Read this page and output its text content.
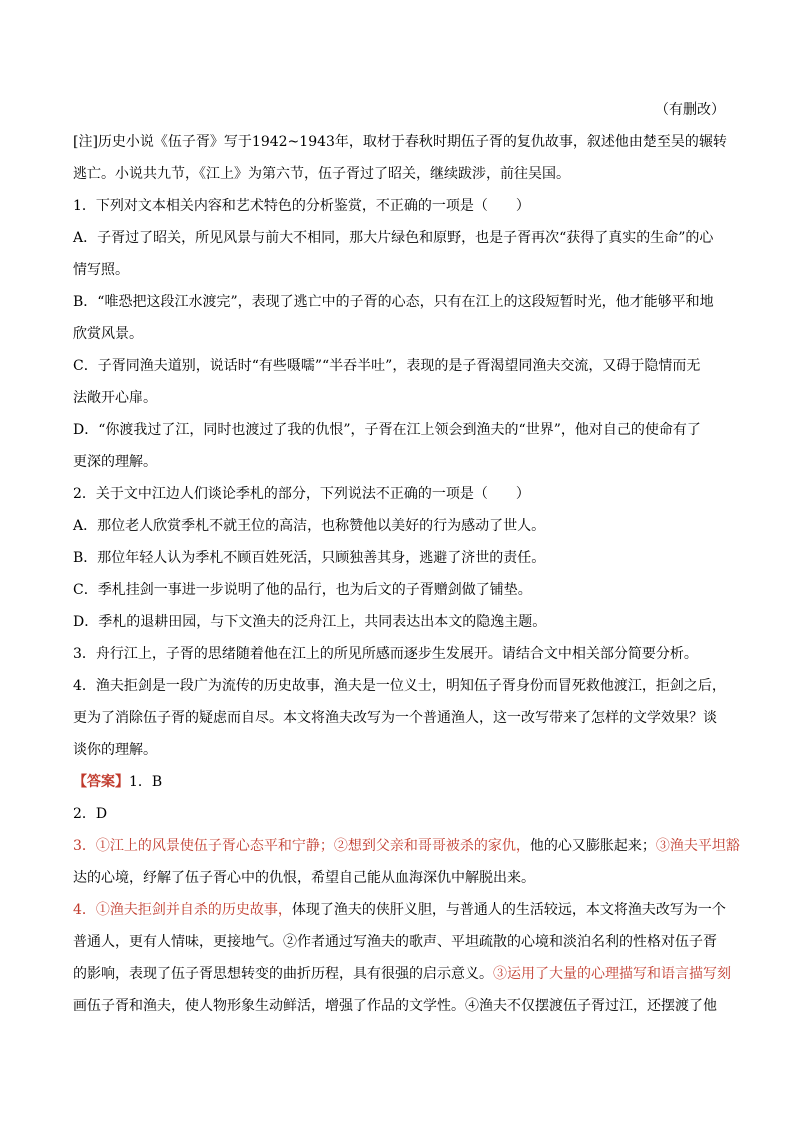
（有删改）
[注]历史小说《伍子胥》写于1942~1943年，取材于春秋时期伍子胥的复仇故事，叙述他由楚至吴的辗转
逃亡。小说共九节，《江上》为第六节，伍子胥过了昭关，继续跋涉，前往吴国。
1．下列对文本相关内容和艺术特色的分析鉴赏，不正确的一项是（　　）
A．子胥过了昭关，所见风景与前大不相同，那大片绿色和原野，也是子胥再次“获得了真实的生命”的心
情写照。
B．“唯恐把这段江水渡完”，表现了逃亡中的子胥的心态，只有在江上的这段短暂时光，他才能够平和地
欣赏风景。
C．子胥同渔夫道别，说话时“有些嗫嚅”“半吞半吐”，表现的是子胥渴望同渔夫交流，又碍于隐情而无
法敞开心扉。
D．“你渡我过了江，同时也渡过了我的仇恨”，子胥在江上领会到渔夫的“世界”，他对自己的使命有了
更深的理解。
2．关于文中江边人们谈论季札的部分，下列说法不正确的一项是（　　）
A．那位老人欣赏季札不就王位的高洁，也称赞他以美好的行为感动了世人。
B．那位年轻人认为季札不顾百姓死活，只顾独善其身，逃避了济世的责任。
C．季札挂剑一事进一步说明了他的品行，也为后文的子胥赠剑做了铺垫。
D．季札的退耕田园，与下文渔夫的泛舟江上，共同表达出本文的隐逸主题。
3．舟行江上，子胥的思绪随着他在江上的所见所感而逐步生发展开。请结合文中相关部分简要分析。
4．渔夫拒剑是一段广为流传的历史故事，渔夫是一位义士，明知伍子胥身份而冒死救他渡江，拒剑之后，
更为了消除伍子胥的疑虑而自尽。本文将渔夫改写为一个普通渔人，这一改写带来了怎样的文学效果？谈
谈你的理解。
【答案】1．B
2．D
3．①江上的风景使伍子胥心态平和宁静；②想到父亲和哥哥被杀的家仇，他的心又膨胀起来；③渔夫平坦豁
达的心境，纾解了伍子胥心中的仇恨，希望自己能从血海深仇中解脱出来。
4．①渔夫拒剑并自杀的历史故事，体现了渔夫的侠肝义胆，与普通人的生活较远，本文将渔夫改写为一个
普通人，更有人情味，更接地气。②作者通过写渔夫的歌声、平坦疏散的心境和淡泊名利的性格对伍子胥
的影响，表现了伍子胥思想转变的曲折历程，具有很强的启示意义。③运用了大量的心理描写和语言描写刻
画伍子胥和渔夫，使人物形象生动鲜活，增强了作品的文学性。④渔夫不仅摆渡伍子胥过江，还摆渡了他
